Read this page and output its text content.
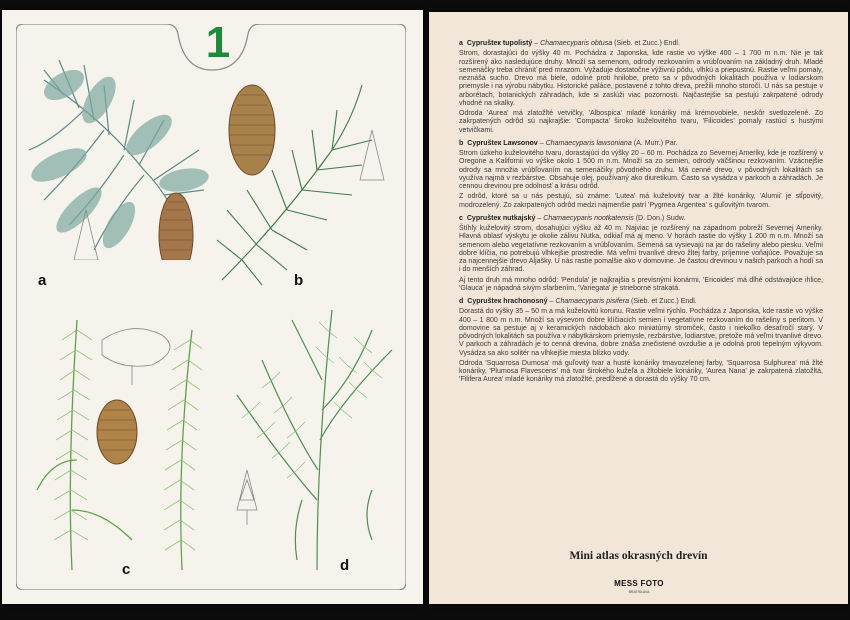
1
a	b
c	d

a Cyprušteк tupolistý – Chamaecyparis obtusa (Sieb. et Zucc.) Endl.

Strom, dorastajúci do výšky 40 m. Pochádza z Japonska, kde rastie vo výške 400 – 1 700 m n.m. Nie je tak rozšírený ako nasledujúce druhy. Množí sa semenom, odrody rezkovaním a vrúbľovaním na základný druh. Mladé semenáčky treba chrániť pred mrazom. Vyžaduje dostatočne výživnú pôdu, vlhkú a priepustnú. Rastie veľmi pomaly, neznáša sucho. Drevo má biele, odolné proti hnilobe, preto sa v pôvodných lokalitách používa v lodiarskom priemysle i na výrobu nábytku. Historické paláce, postavené z tohto dreva, prežili mnoho storočí. U nás sa pestuje v arborétach, botanických záhradách, kde si zaslúži viac pozornosti. Najčastejšie sa pestujú zakrpatené odrody vhodné na skalky.

Odroda 'Aurea' má zlatožlté vetvičky, 'Albospica' mladé konáriky má krémovobiele, neskôr svetlozelené. Zo zakrpatených odrôd sú najkrajšie: 'Compacta' široko kuželovitého tvaru, 'Filicoides' pomaly rastúci s hustými vetvičkami.

b Cyprušteк Lawsonov – Chamaecyparis lawsoniana (A. Murr.) Par.

Strom úzkeho kuželovitého tvaru, dorastajúci do výšky 20 – 60 m. Pochádza zo Severnej Ameriky, kde je rozšírený v Oregone a Kalifornii vo výške okolo 1 500 m n.m. Množí sa zo semien, odrody väčšinou rezkovaním. Vzácnejšie odrody sa množia vrúbľovaním na semenáčiky pôvodného druhu. Má cenné drevo, v pôvodných lokalitách sa využíva najmä v rezbárstve. Obsahuje olej, používaný ako diuretikum. Často sa vysádza v parkoch a záhradách. Je cennou drevinou pre odolnosť a krásu odrôd.

Z odrôd, ktoré sa u nás pestujú, sú známe: 'Lutea' má kuželovitý tvar a žlté konáriky, 'Alumii' je stĺpovitý, modrozelený. Zo zakrpatených odrôd medzi najmenšie patrí 'Pygmea Argentea' s guľovitým tvarom.

c Cyprušteк nutkajský – Chamaecyparis nootkatensis (D. Don.) Sudw.

Štíhly kuželovitý strom, dosahujúci výšku až 40 m. Najviac je rozšírený na západnom pobreží Severnej Ameriky. Hlavná oblasť výskytu je okolie zálivu Nutka, odkiaľ má aj meno. V horách rastie do výšky 1 200 m n.m. Množí sa semenom alebo vegetatívne rezkovaním a vrúbľovaním. Semená sa vysievajú na jar do rašeliny alebo piesku. Veľmi dobre klíčia, no potrebujú vlhkejšie prostredie. Má veľmi trvanlivé drevo žltej farby, príjemne voňajúce. Považuje sa za najcennejšie drevo Aljašky. U nás rastie pomalšie ako v domovine. Je častou drevinou v našich parkoch a hodí sa i do menších záhrad.

Aj tento druh má mnoho odrôd: 'Pendula' je najkrajšia s previsnými konármi, 'Ericoides' má dlhé odstávajúce ihlice, 'Glauca' je nápadná sivým sfarbením, 'Variegata' je strieborne strakatá.

d Cyprušteк hrachonosný – Chamaecyparis pisifera (Sieb. et Zucc.) Endl.

Dorastá do výšky 35 – 50 m a má kuželovitú korunu. Rastie veľmi rýchlo. Pochádza z Japonska, kde rastie vo výške 400 – 1 800 m n.m. Množí sa výsevom dobre klíčiacich semien i vegetatívne rezkovaním do rašeliny s perlitom. V domovine sa pestuje aj v keramických nádobách ako miniatúrny stromček, často i niekoľko desaťročí starý. V pôvodných lokalitách sa používa v nábytkárskom priemysle, rezbárstve, lodiarstve, pretože má veľmi trvanlivé drevo. V parkoch a záhradách je to cenná drevina, dobre znáša znečistené ovzdušie a je odolná proti tepelným výkyvom. Vysádza sa ako solitér na vlhkejšie miesta blízko vody.

Odroda 'Squarrosa Dumosa' má guľovitý tvar a husté konáriky tmavozelenej farby, 'Squarrosa Sulphurea' má žlté konáriky, 'Plumosa Flavescens' má tvar širokého kužeľa a žltobiele konáriky, 'Aurea Nana' je zakrpatená zlatožltá, 'Filifera Aurea' mladé konáriky má zlatožlté, predĺžené a dorastá do výšky 70 cm.

Mini atlas okrasných drevín
MESS FOTO
BRATISLAVA
